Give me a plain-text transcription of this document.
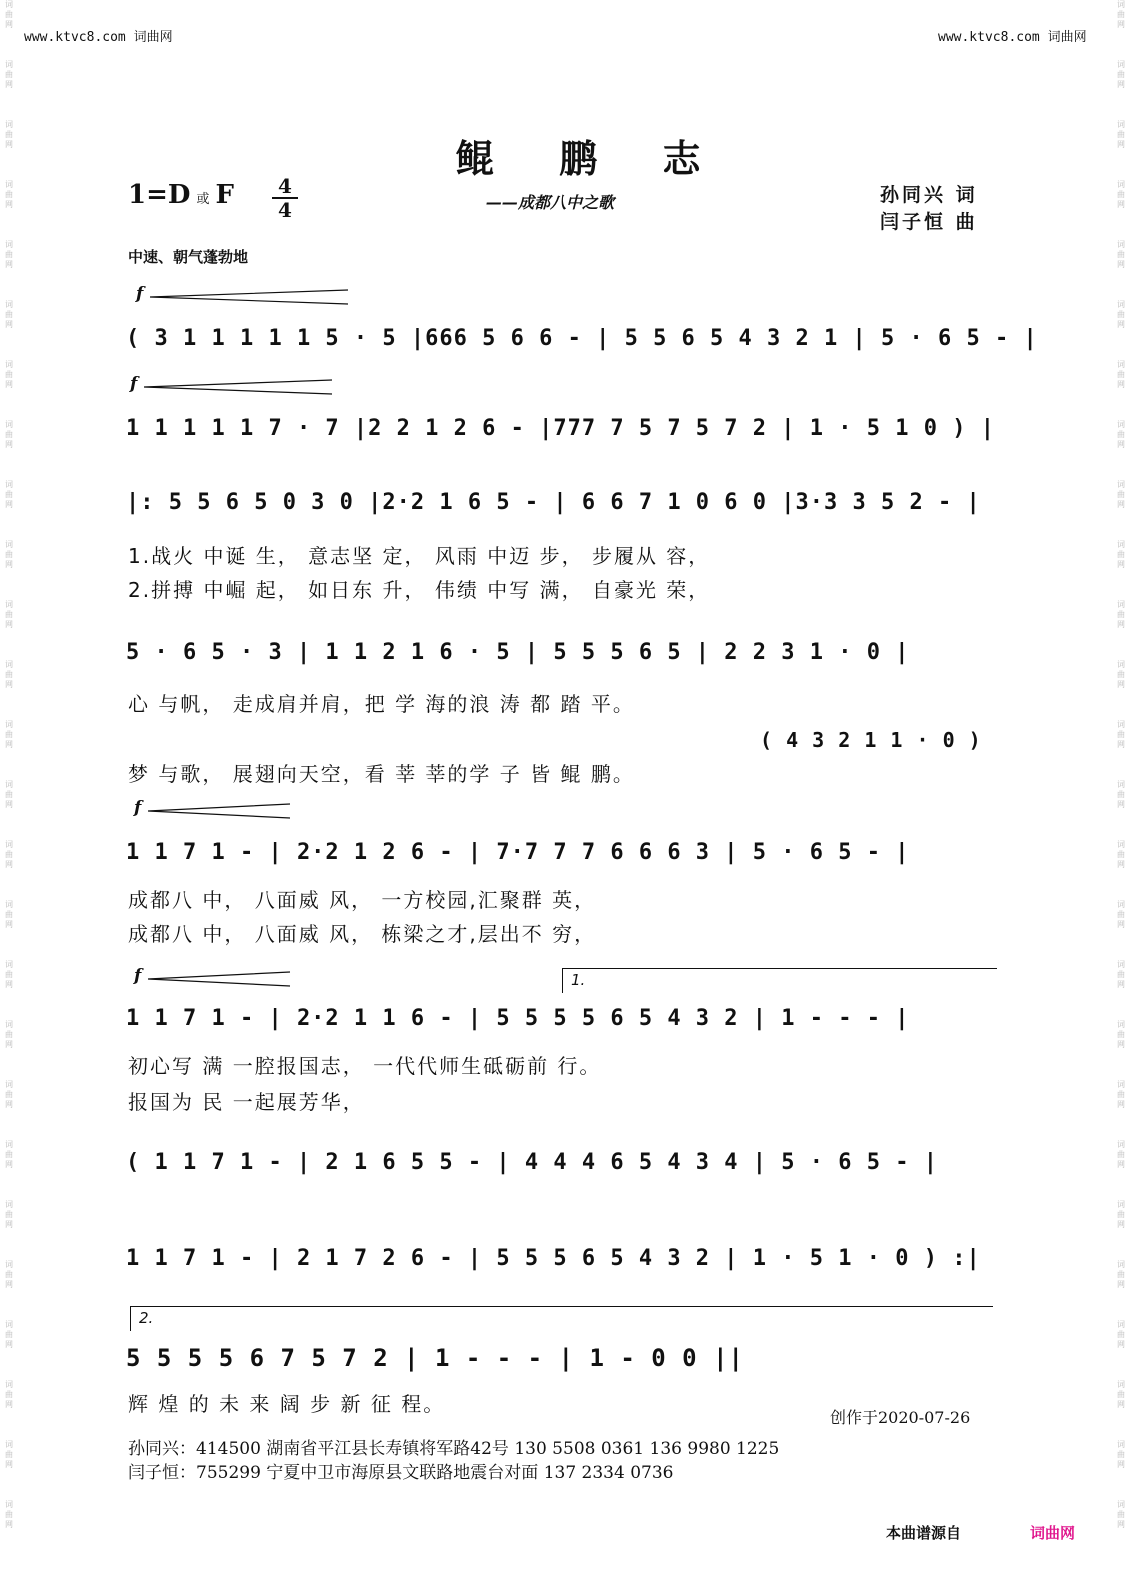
词曲网
词曲网
词曲网
词曲网
词曲网
词曲网
词曲网
词曲网
词曲网
词曲网
词曲网
词曲网
词曲网
词曲网
词曲网
词曲网
词曲网
词曲网
词曲网
词曲网
词曲网
词曲网
词曲网
词曲网
词曲网
词曲网
词曲网
词曲网
词曲网
词曲网
词曲网
词曲网
词曲网
词曲网
词曲网
词曲网
词曲网
词曲网
词曲网
词曲网
词曲网
词曲网
词曲网
词曲网
词曲网
词曲网
词曲网
词曲网
词曲网
词曲网
词曲网
词曲网
www.ktvc8.com 词曲网	www.ktvc8.com 词曲网
鲲 鹏 志
——成都八中之歌
1=D 或 F	4
4
孙同兴 词
闫子恒 曲
中速、朝气蓬勃地
f
f
f
f
( 3 1 1 1 1 1 5 · 5 |666 5 6 6 - | 5 5 6 5 4 3 2 1 | 5 · 6 5 - |
1 1 1 1 1 7 · 7 |2 2 1 2 6 - |777 7 5 7 5 7 2 | 1 · 5 1 0 ) |
|: 5 5 6 5 0 3 0 |2·2 1 6 5 - | 6 6 7 1 0 6 0 |3·3 3 5 2 - |
1.战火 中诞 生， 意志坚 定， 风雨 中迈 步， 步履从 容，
2.拼搏 中崛 起， 如日东 升， 伟绩 中写 满， 自豪光 荣，
5 · 6 5 · 3 | 1 1 2 1 6 · 5 | 5 5 5 6 5 | 2 2 3 1 · 0 |
心 与帆， 走成肩并肩，把 学 海的浪 涛 都 踏 平。
( 4 3 2 1 1 · 0 )
梦 与歌， 展翅向天空，看 莘 莘的学 子 皆 鲲 鹏。
1 1 7 1 - | 2·2 1 2 6 - | 7·7 7 7 6 6 6 3 | 5 · 6 5 - |
成都八 中， 八面威 风， 一方校园,汇聚群 英，
成都八 中， 八面威 风， 栋梁之才,层出不 穷，
1.
1 1 7 1 - | 2·2 1 1 6 - | 5 5 5 5 6 5 4 3 2 | 1 - - - |
初心写 满 一腔报国志， 一代代师生砥砺前 行。
报国为 民 一起展芳华，
( 1 1 7 1 - | 2 1 6 5 5 - | 4 4 4 6 5 4 3 4 | 5 · 6 5 - |
1 1 7 1 - | 2 1 7 2 6 - | 5 5 5 6 5 4 3 2 | 1 · 5 1 · 0 ) :|
2.
5 5 5 5 6 7 5 7 2 | 1 - - - | 1 - 0 0 ||
辉 煌 的 未 来 阔 步 新 征 程。
创作于2020-07-26
孙同兴：414500 湖南省平江县长寿镇将军路42号 130 5508 0361 136 9980 1225
闫子恒：755299 宁夏中卫市海原县文联路地震台对面 137 2334 0736
本曲谱源自	词曲网
